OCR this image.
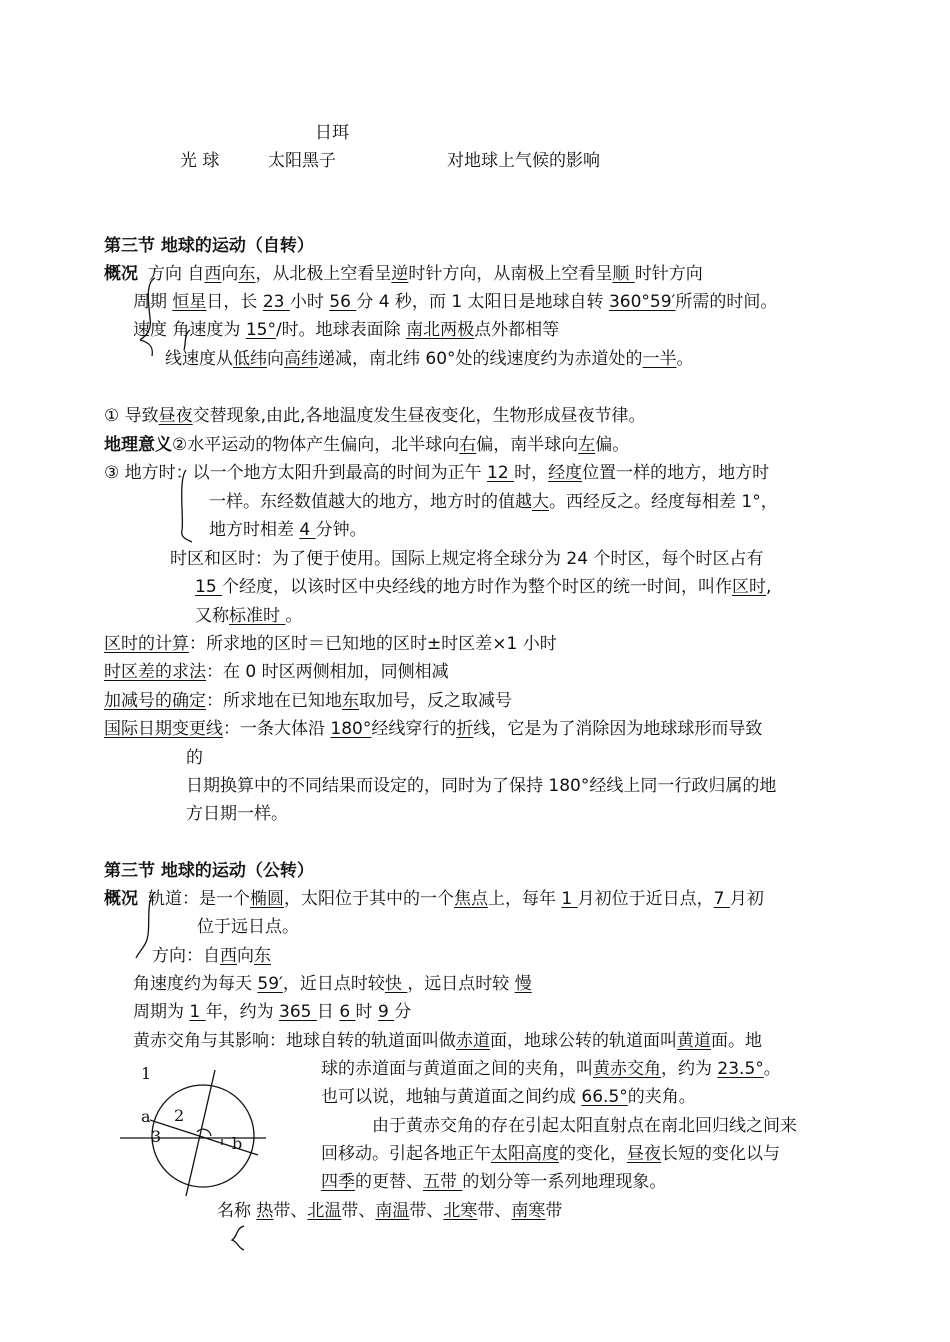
日珥
光 球	太阳黑子	对地球上气候的影响
第三节 地球的运动（自转）
概况 方向 自西向东，从北极上空看呈逆时针方向，从南极上空看呈顺 时针方向
周期 恒星日，长 23 小时 56 分 4 秒，而 1 太阳日是地球自转 360°59′所需的时间。
速度 角速度为 15°/时。地球表面除 南北两极点外都相等
线速度从低纬向高纬递减，南北纬 60°处的线速度约为赤道处的一半。
① 导致昼夜交替现象,由此,各地温度发生昼夜变化，生物形成昼夜节律。
地理意义②水平运动的物体产生偏向，北半球向右偏，南半球向左偏。
③ 地方时：以一个地方太阳升到最高的时间为正午 12 时，经度位置一样的地方，地方时
一样。东经数值越大的地方，地方时的值越大。西经反之。经度每相差 1°，
地方时相差 4 分钟。
时区和区时：为了便于使用。国际上规定将全球分为 24 个时区，每个时区占有
15 个经度，以该时区中央经线的地方时作为整个时区的统一时间，叫作区时,
又称标准时 。
区时的计算：所求地的区时＝已知地的区时±时区差×1 小时
时区差的求法：在 0 时区两侧相加，同侧相减
加减号的确定：所求地在已知地东取加号，反之取减号
国际日期变更线：一条大体沿 180°经线穿行的折线，它是为了消除因为地球球形而导致
的
日期换算中的不同结果而设定的，同时为了保持 180°经线上同一行政归属的地
方日期一样。
第三节 地球的运动（公转）
概况 轨道：是一个椭圆，太阳位于其中的一个焦点上，每年 1 月初位于近日点，7 月初
位于远日点。
方向：自西向东
角速度约为每天 59′，近日点时较快 ，远日点时较 慢
周期为 1 年，约为 365 日 6 时 9 分
黄赤交角与其影响：地球自转的轨道面叫做赤道面，地球公转的轨道面叫黄道面。地
球的赤道面与黄道面之间的夹角，叫黄赤交角，约为 23.5°。
也可以说，地轴与黄道面之间约成 66.5°的夹角。
由于黄赤交角的存在引起太阳直射点在南北回归线之间来
回移动。引起各地正午太阳高度的变化，昼夜长短的变化以与
四季的更替、五带 的划分等一系列地理现象。
名称 热带、北温带、南温带、北寒带、南寒带
1
2
a
3	b
